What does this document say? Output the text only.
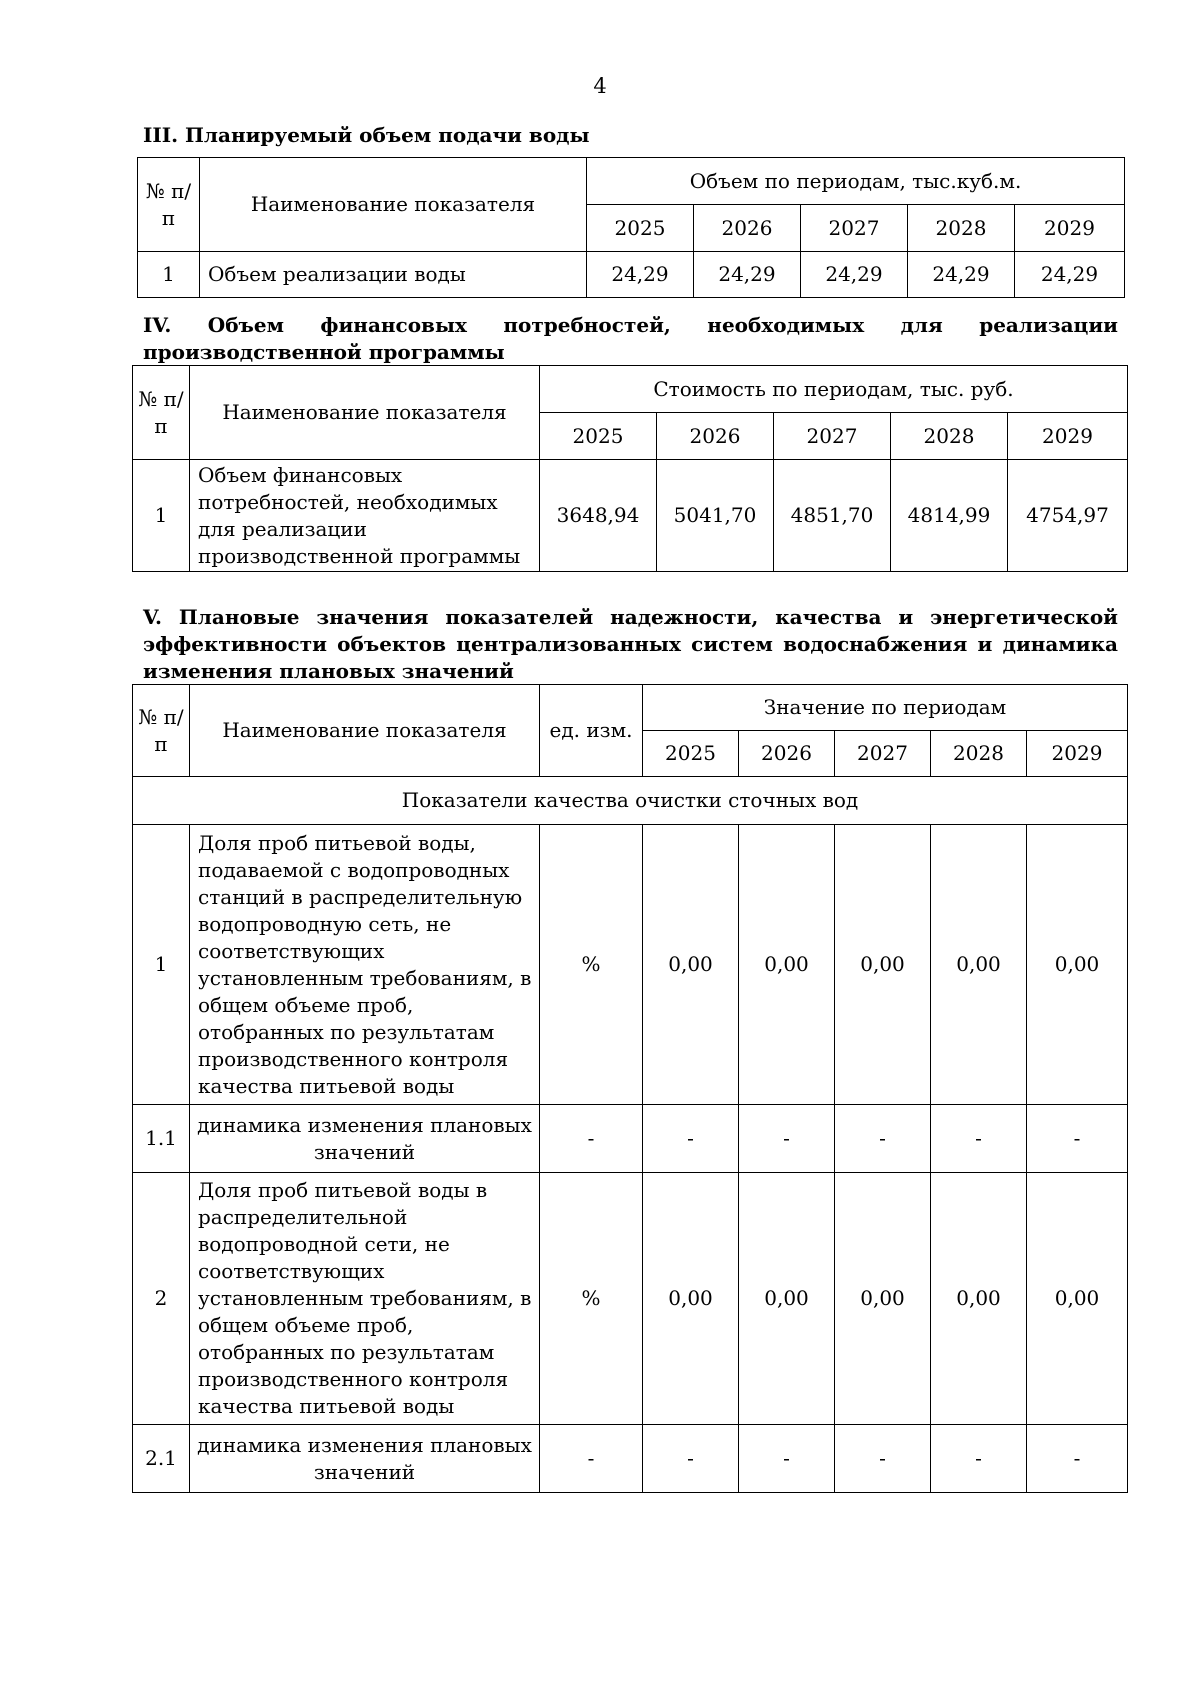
4
III. Планируемый объем подачи воды
№ п/п	Наименование показателя	Объем по периодам, тыс.куб.м.				
		2025	2026	2027	2028	2029
1	Объем реализации воды	24,29	24,29	24,29	24,29	24,29
IV. Объем финансовых потребностей, необходимых для реализации производственной программы
№ п/п	Наименование показателя	Стоимость по периодам, тыс. руб.				
		2025	2026	2027	2028	2029
1	Объем финансовых потребностей, необходимых для реализации производственной программы	3648,94	5041,70	4851,70	4814,99	4754,97
V. Плановые значения показателей надежности, качества и энергетической эффективности объектов централизованных систем водоснабжения и динамика изменения плановых значений
№ п/п	Наименование показателя	ед. изм.	Значение по периодам				
			2025	2026	2027	2028	2029
Показатели качества очистки сточных вод							
1	Доля проб питьевой воды, подаваемой с водопроводных станций в распределительную водопроводную сеть, не соответствующих установленным требованиям, в общем объеме проб, отобранных по результатам производственного контроля качества питьевой воды	%	0,00	0,00	0,00	0,00	0,00
1.1	динамика изменения плановых значений	-	-	-	-	-	-
2	Доля проб питьевой воды в распределительной водопроводной сети, не соответствующих установленным требованиям, в общем объеме проб, отобранных по результатам производственного контроля качества питьевой воды	%	0,00	0,00	0,00	0,00	0,00
2.1	динамика изменения плановых значений	-	-	-	-	-	-
